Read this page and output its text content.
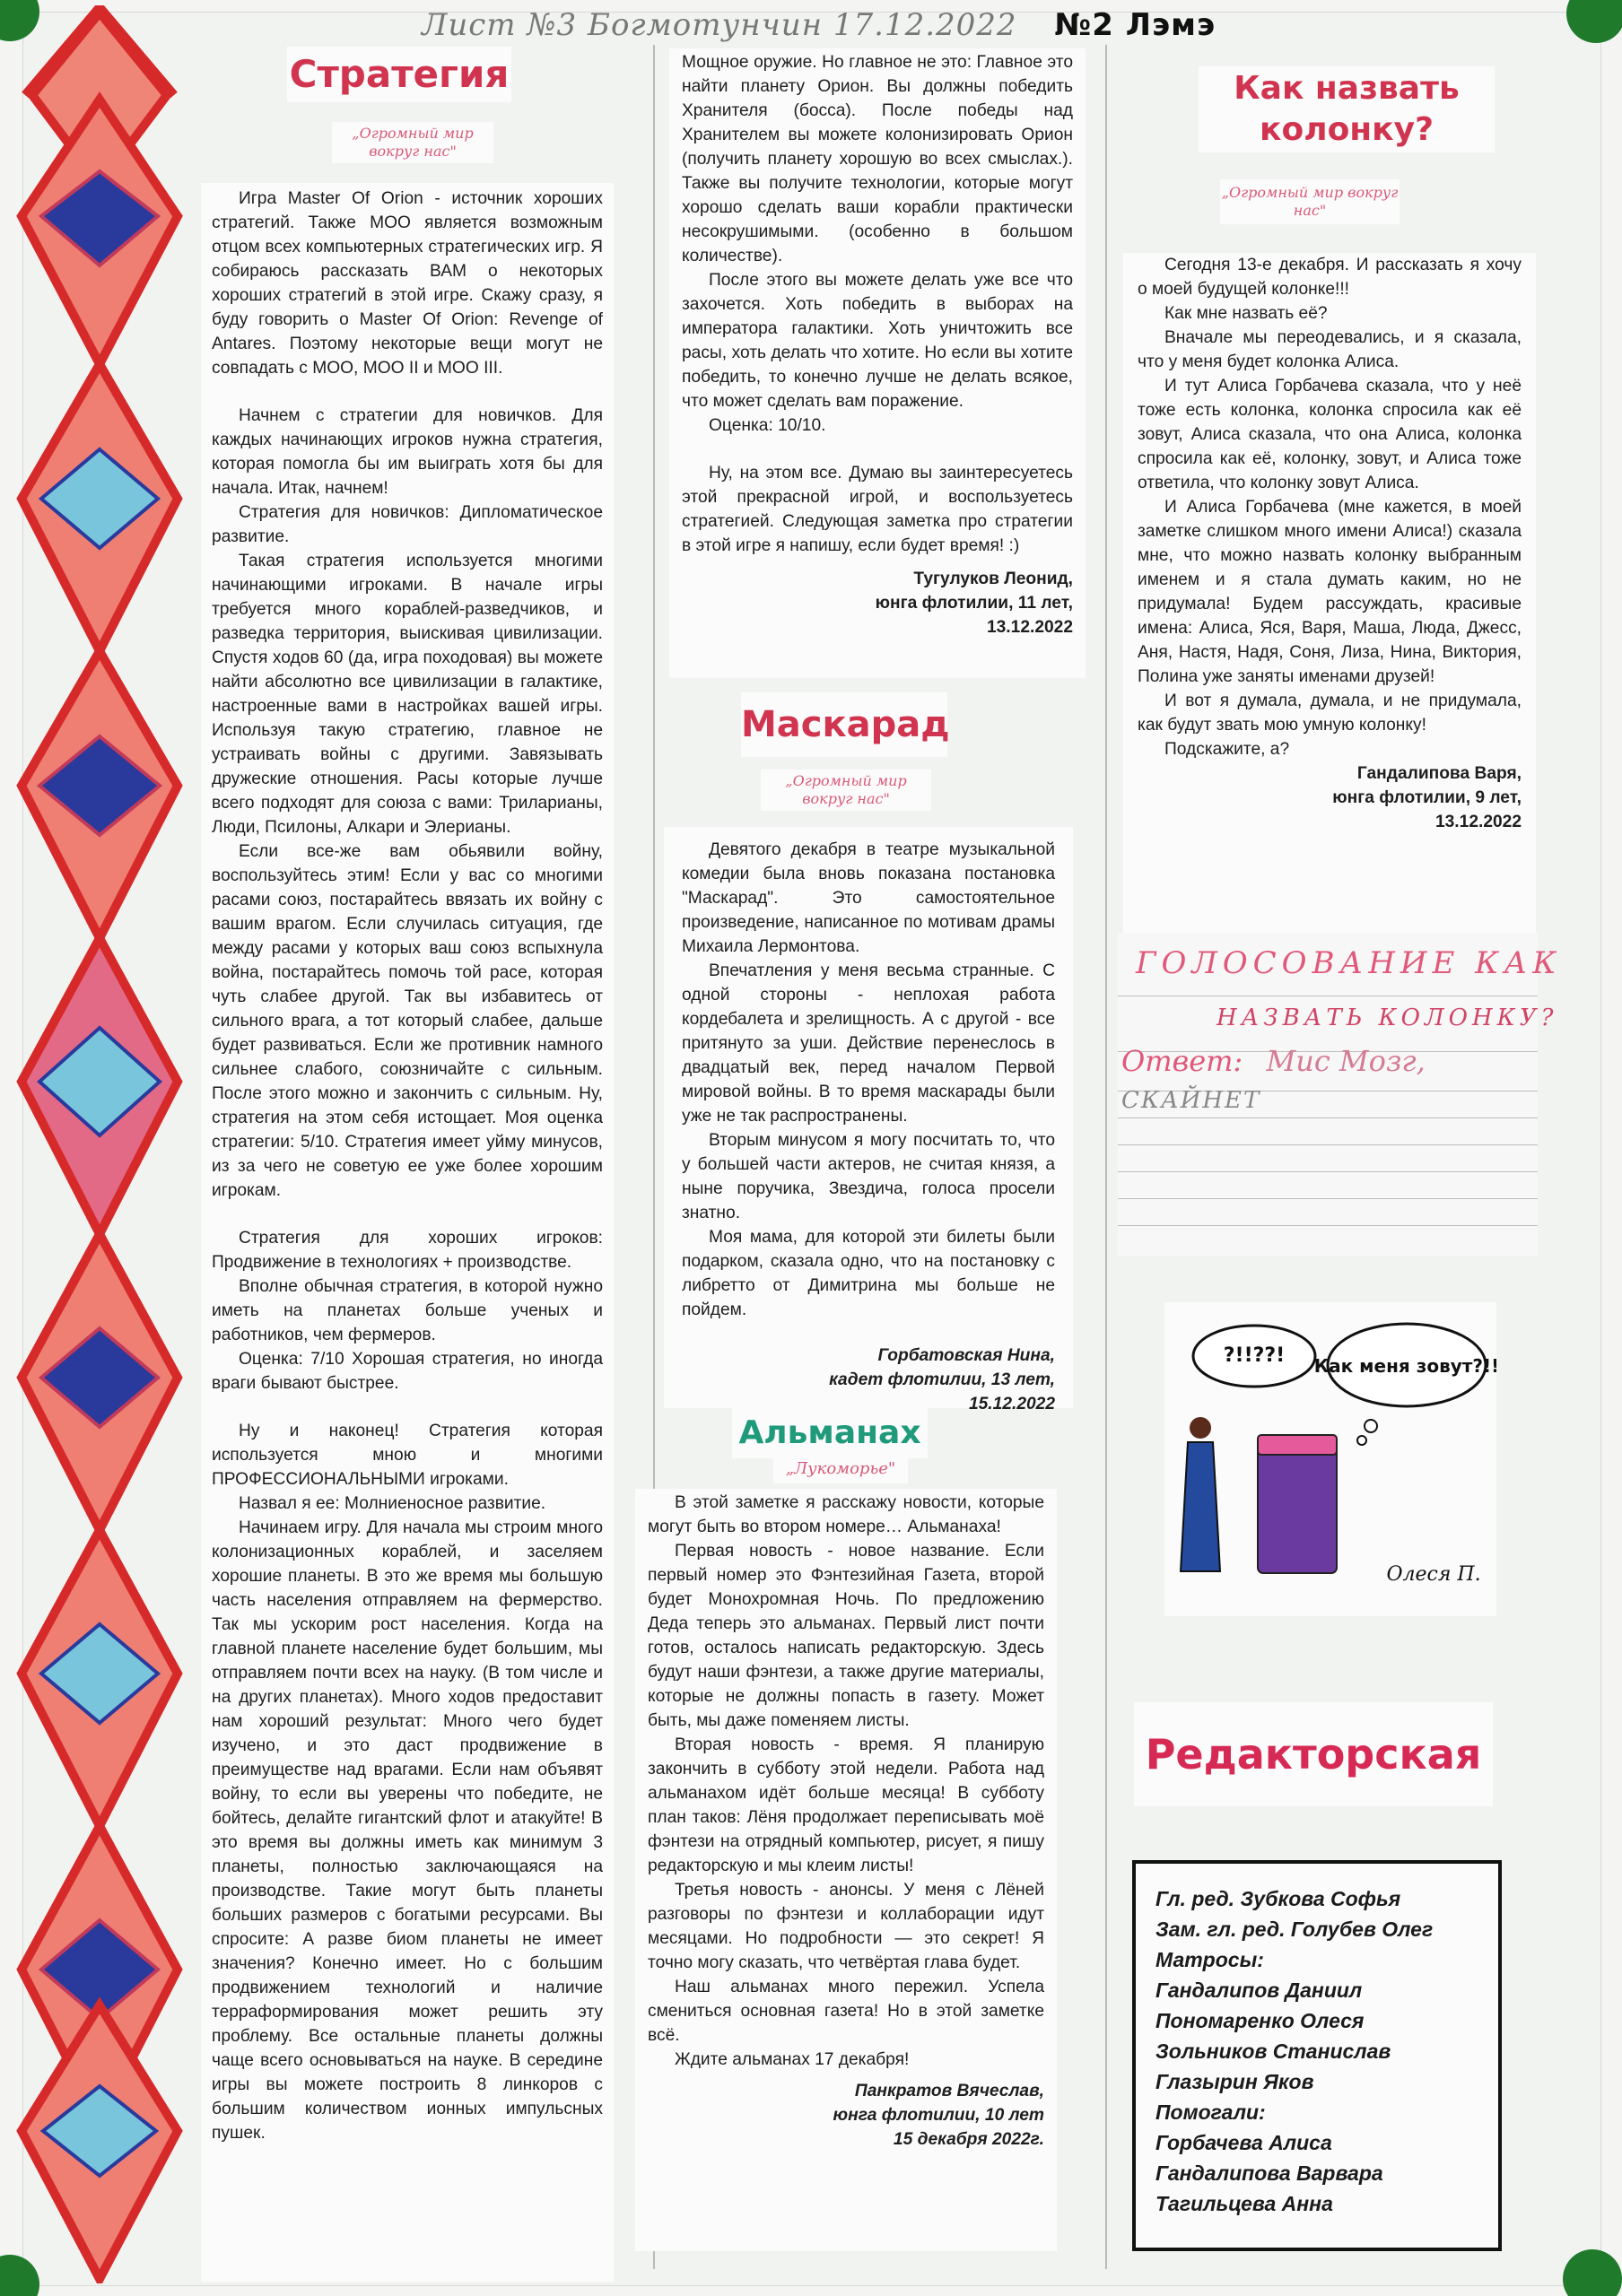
Лист №3 Богмотунчин 17.12.2022 №2 Лэмэ
Стратегия
„Огромный мир вокруг нас"

Игра Master Of Orion - источник хороших стратегий. Также МОО является возможным отцом всех компьютерных стратегических игр. Я собираюсь рассказать ВАМ о некоторых хороших стратегий в этой игре. Скажу сразу, я буду говорить о Master Of Orion: Revenge of Antares. Поэтому некоторые вещи могут не совпадать с МОО, МОО II и МОО III.

Начнем с стратегии для новичков. Для каждых начинающих игроков нужна стратегия, которая помогла бы им выиграть хотя бы для начала. Итак, начнем!

Стратегия для новичков: Дипломатическое развитие.

Такая стратегия используется многими начинающими игроками. В начале игры требуется много кораблей-разведчиков, и разведка территория, выискивая цивилизации. Спустя ходов 60 (да, игра походовая) вы можете найти абсолютно все цивилизации в галактике, настроенные вами в настройках вашей игры. Используя такую стратегию, главное не устраивать войны с другими. Завязывать дружеские отношения. Расы которые лучше всего подходят для союза с вами: Триларианы, Люди, Псилоны, Алкари и Элерианы.

Если все-же вам обьявили войну, воспользуйтесь этим! Если у вас со многими расами союз, постарайтесь ввязать их войну с вашим врагом. Если случилась ситуация, где между расами у которых ваш союз вспыхнула война, постарайтесь помочь той расе, которая чуть слабее другой. Так вы избавитесь от сильного врага, а тот который слабее, дальше будет развиваться. Если же противник намного сильнее слабого, союзничайте с сильным. После этого можно и закончить с сильным. Ну, стратегия на этом себя истощает. Моя оценка стратегии: 5/10. Стратегия имеет уйму минусов, из за чего не советую ее уже более хорошим игрокам.

Стратегия для хороших игроков: Продвижение в технологиях + производстве.

Вполне обычная стратегия, в которой нужно иметь на планетах больше ученых и работников, чем фермеров.

Оценка: 7/10 Хорошая стратегия, но иногда враги бывают быстрее.

Ну и наконец! Стратегия которая используется мною и многими ПРОФЕССИОНАЛЬНЫМИ игроками.

Назвал я ее: Молниеносное развитие.

Начинаем игру. Для начала мы строим много колонизационных кораблей, и заселяем хорошие планеты. В это же время мы большую часть населения отправляем на фермерство. Так мы ускорим рост населения. Когда на главной планете население будет большим, мы отправляем почти всех на науку. (В том числе и на других планетах). Много ходов предоставит нам хороший результат: Много чего будет изучено, и это даст продвижение в преимуществе над врагами. Если нам объявят войну, то если вы уверены что победите, не бойтесь, делайте гигантский флот и атакуйте! В это время вы должны иметь как минимум 3 планеты, полностью заключающаяся на производстве. Такие могут быть планеты больших размеров с богатыми ресурсами. Вы спросите: А разве биом планеты не имеет значения? Конечно имеет. Но с большим продвижением технологий и наличие терраформирования может решить эту проблему. Все остальные планеты должны чаще всего основываться на науке. В середине игры вы можете построить 8 линкоров с большим количеством ионных импульсных пушек.

Мощное оружие. Но главное не это: Главное это найти планету Орион. Вы должны победить Хранителя (босса). После победы над Хранителем вы можете колонизировать Орион (получить планету хорошую во всех смыслах.). Также вы получите технологии, которые могут хорошо сделать ваши корабли практически несокрушимыми. (особенно в большом количестве).

После этого вы можете делать уже все что захочется. Хоть победить в выборах на императора галактики. Хоть уничтожить все расы, хоть делать что хотите. Но если вы хотите победить, то конечно лучше не делать всякое, что может сделать вам поражение.

Оценка: 10/10.

Ну, на этом все. Думаю вы заинтересуетесь этой прекрасной игрой, и воспользуетесь стратегией. Следующая заметка про стратегии в этой игре я напишу, если будет время! :)

Тугулуков Леонид,
юнга флотилии, 11 лет,
13.12.2022
Маскарад
„Огромный мир вокруг нас"

Девятого декабря в театре музыкальной комедии была вновь показана постановка "Маскарад". Это самостоятельное произведение, написанное по мотивам драмы Михаила Лермонтова.

Впечатления у меня весьма странные. С одной стороны - неплохая работа кордебалета и зрелищность. А с другой - все притянуто за уши. Действие перенеслось в двадцатый век, перед началом Первой мировой войны. В то время маскарады были уже не так распространены.

Вторым минусом я могу посчитать то, что у большей части актеров, не считая князя, а ныне поручика, Звездича, голоса просели знатно.

Моя мама, для которой эти билеты были подарком, сказала одно, что на постановку с либретто от Димитрина мы больше не пойдем.

Горбатовская Нина,
кадет флотилии, 13 лет,
15.12.2022
Альманах
„Лукоморье"

В этой заметке я расскажу новости, которые могут быть во втором номере… Альманаха!

Первая новость - новое название. Если первый номер это Фэнтезийная Газета, второй будет Монохромная Ночь. По предложению Деда теперь это альманах. Первый лист почти готов, осталось написать редакторскую. Здесь будут наши фэнтези, а также другие материалы, которые не должны попасть в газету. Может быть, мы даже поменяем листы.

Вторая новость - время. Я планирую закончить в субботу этой недели. Работа над альманахом идёт больше месяца! В субботу план таков: Лёня продолжает переписывать моё фэнтези на отрядный компьютер, рисует, я пишу редакторскую и мы клеим листы!

Третья новость - анонсы. У меня с Лёней разговоры по фэнтези и коллаборации идут месяцами. Но подробности — это секрет! Я точно могу сказать, что четвёртая глава будет.

Наш альманах много пережил. Успела смениться основная газета! Но в этой заметке всё.

Ждите альманах 17 декабря!

Панкратов Вячеслав,
юнга флотилии, 10 лет
15 декабря 2022г.
Как назвать
колонку?
„Огромный мир вокруг нас"

Сегодня 13-е декабря. И рассказать я хочу о моей будущей колонке!!!

Как мне назвать её?

Вначале мы переодевались, и я сказала, что у меня будет колонка Алиса.

И тут Алиса Горбачева сказала, что у неё тоже есть колонка, колонка спросила как её зовут, Алиса сказала, что она Алиса, колонка спросила как её, колонку, зовут, и Алиса тоже ответила, что колонку зовут Алиса.

И Алиса Горбачева (мне кажется, в моей заметке слишком много имени Алиса!) сказала мне, что можно назвать колонку выбранным именем и я стала думать каким, но не придумала! Будем рассуждать, красивые имена: Алиса, Яся, Варя, Маша, Люда, Джесс, Аня, Настя, Надя, Соня, Лиза, Нина, Виктория, Полина уже заняты именами друзей!

И вот я думала, думала, и не придумала, как будут звать мою умную колонку!

Подскажите, а?

Гандалипова Варя,
юнга флотилии, 9 лет,
13.12.2022
ГОЛОСОВАНИЕ КАК
НАЗВАТЬ КОЛОНКУ?
Ответ: Мис Мозг,
СКАЙНЕТ
?!!??! Как меня зовут?!!
Олеся П.
Редакторская
Гл. ред. Зубкова Софья
Зам. гл. ред. Голубев Олег
Матросы:
Гандалипов Даниил
Пономаренко Олеся
Зольников Станислав
Глазырин Яков
Помогали:
Горбачева Алиса
Гандалипова Варвара
Тагильцева Анна
